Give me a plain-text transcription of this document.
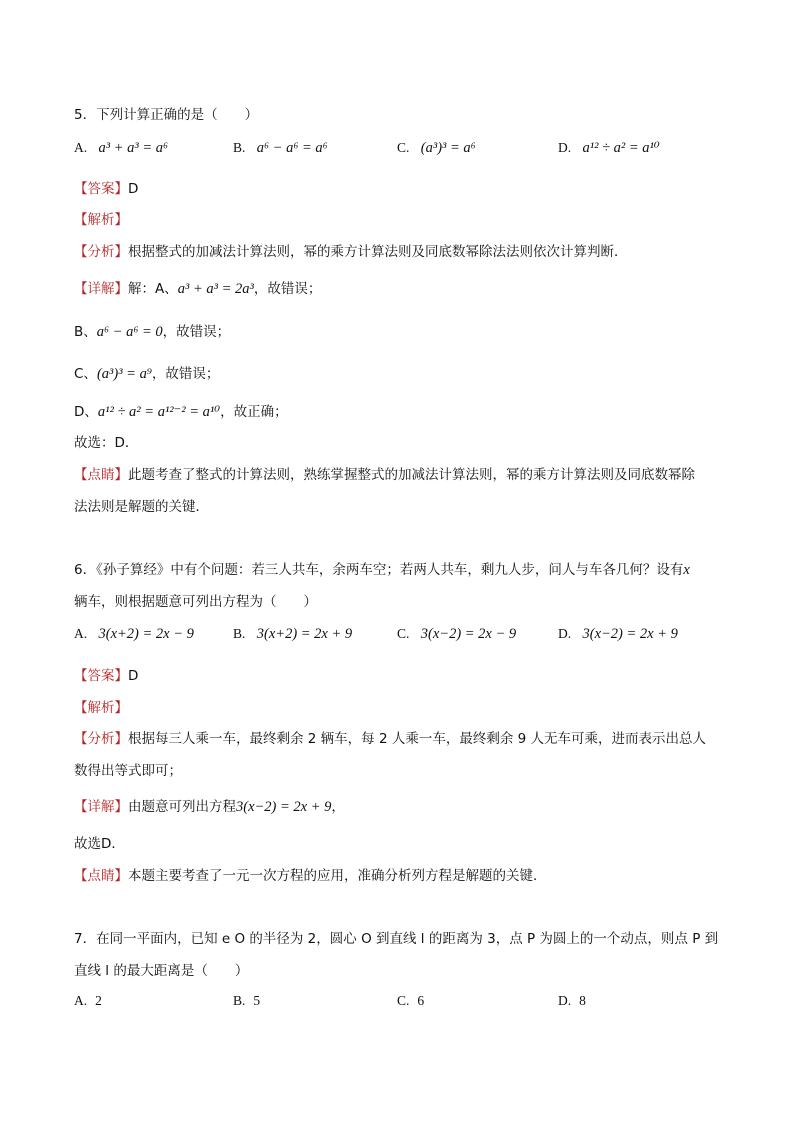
5．下列计算正确的是（　　）
A. a³ + a³ = a⁶	B. a⁶ − a⁶ = a⁶	C. (a³)³ = a⁶	D. a¹² ÷ a² = a¹⁰
【答案】D
【解析】
【分析】根据整式的加减法计算法则，幂的乘方计算法则及同底数幂除法法则依次计算判断．
【详解】解：A、a³ + a³ = 2a³，故错误；
B、a⁶ − a⁶ = 0，故错误；
C、(a³)³ = a⁹，故错误；
D、a¹² ÷ a² = a¹²⁻² = a¹⁰，故正确；
故选：D．
【点睛】此题考查了整式的计算法则，熟练掌握整式的加减法计算法则，幂的乘方计算法则及同底数幂除
法法则是解题的关键．
6．《孙子算经》中有个问题：若三人共车，余两车空；若两人共车，剩九人步，问人与车各几何？设有x
辆车，则根据题意可列出方程为（　　）
A. 3(x+2) = 2x − 9	B. 3(x+2) = 2x + 9	C. 3(x−2) = 2x − 9	D. 3(x−2) = 2x + 9
【答案】D
【解析】
【分析】根据每三人乘一车，最终剩余 2 辆车，每 2 人乘一车，最终剩余 9 人无车可乘，进而表示出总人
数得出等式即可；
【详解】由题意可列出方程3(x−2) = 2x + 9，
故选D．
【点睛】本题主要考查了一元一次方程的应用，准确分析列方程是解题的关键．
7．在同一平面内，已知 e O 的半径为 2，圆心 O 到直线 l 的距离为 3，点 P 为圆上的一个动点，则点 P 到
直线 l 的最大距离是（　　）
A. 2	B. 5	C. 6	D. 8
